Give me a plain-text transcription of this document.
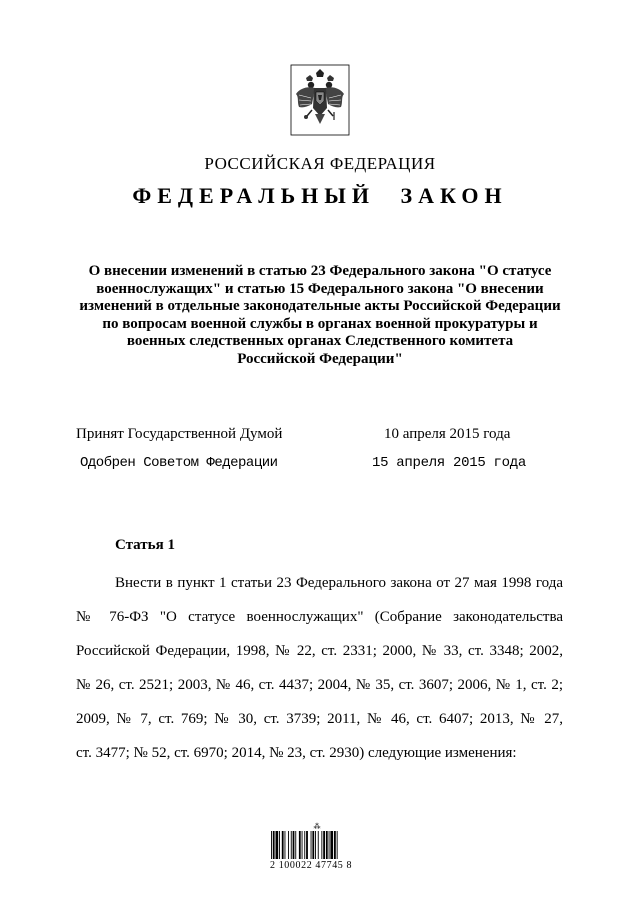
РОССИЙСКАЯ ФЕДЕРАЦИЯ
ФЕДЕРАЛЬНЫЙ ЗАКОН
О внесении изменений в статью 23 Федерального закона "О статусе
военнослужащих" и статью 15 Федерального закона "О внесении
изменений в отдельные законодательные акты Российской Федерации
по вопросам военной службы в органах военной прокуратуры и
военных следственных органах Следственного комитета
Российской Федерации"
Принят Государственной Думой	10 апреля 2015 года
Одобрен Советом Федерации	15 апреля 2015 года
Статья 1
Внести в пункт 1 статьи 23 Федерального закона от 27 мая 1998 года
№ 76-ФЗ "О статусе военнослужащих" (Собрание законодательства
Российской Федерации, 1998, № 22, ст. 2331; 2000, № 33, ст. 3348; 2002,
№ 26, ст. 2521; 2003, № 46, ст. 4437; 2004, № 35, ст. 3607; 2006, № 1, ст. 2;
2009, № 7, ст. 769; № 30, ст. 3739; 2011, № 46, ст. 6407; 2013, № 27,
ст. 3477; № 52, ст. 6970; 2014, № 23, ст. 2930) следующие изменения:
⁂
2 100022 47745 8
